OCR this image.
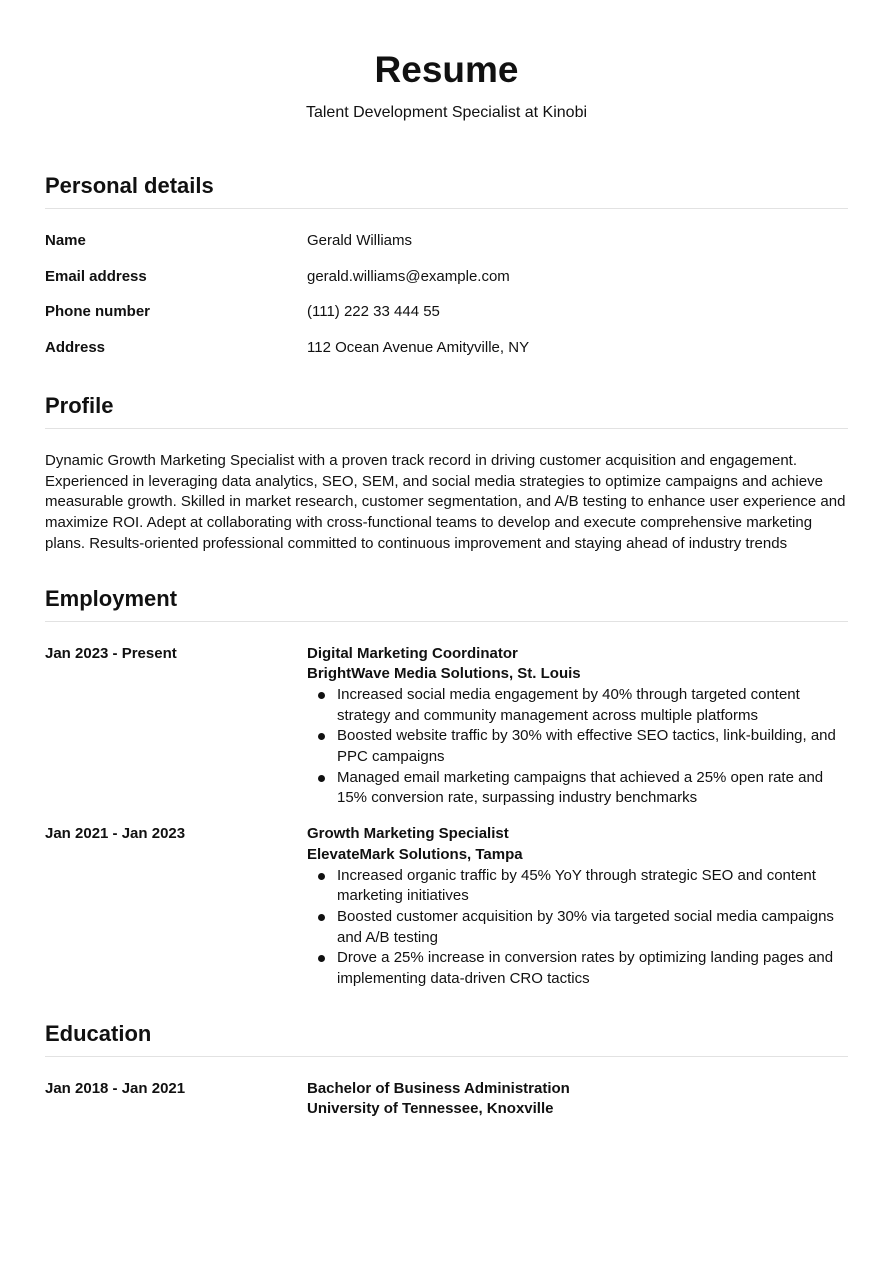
Resume

Talent Development Specialist at Kinobi

Personal details
Name	Gerald Williams
Email address	gerald.williams@example.com
Phone number	(111) 222 33 444 55
Address	112 Ocean Avenue Amityville, NY
Profile

Dynamic Growth Marketing Specialist with a proven track record in driving customer acquisition and engagement. Experienced in leveraging data analytics, SEO, SEM, and social media strategies to optimize campaigns and achieve measurable growth. Skilled in market research, customer segmentation, and A/B testing to enhance user experience and maximize ROI. Adept at collaborating with cross-functional teams to develop and execute comprehensive marketing plans. Results-oriented professional committed to continuous improvement and staying ahead of industry trends

Employment
Jan 2023 - Present	Digital Marketing Coordinator
BrightWave Media Solutions, St. Louis
Increased social media engagement by 40% through targeted content strategy and community management across multiple platforms
Boosted website traffic by 30% with effective SEO tactics, link-building, and PPC campaigns
Managed email marketing campaigns that achieved a 25% open rate and 15% conversion rate, surpassing industry benchmarks
Jan 2021 - Jan 2023	Growth Marketing Specialist
ElevateMark Solutions, Tampa
Increased organic traffic by 45% YoY through strategic SEO and content marketing initiatives
Boosted customer acquisition by 30% via targeted social media campaigns and A/B testing
Drove a 25% increase in conversion rates by optimizing landing pages and implementing data-driven CRO tactics
Education
Jan 2018 - Jan 2021	Bachelor of Business Administration
University of Tennessee, Knoxville
